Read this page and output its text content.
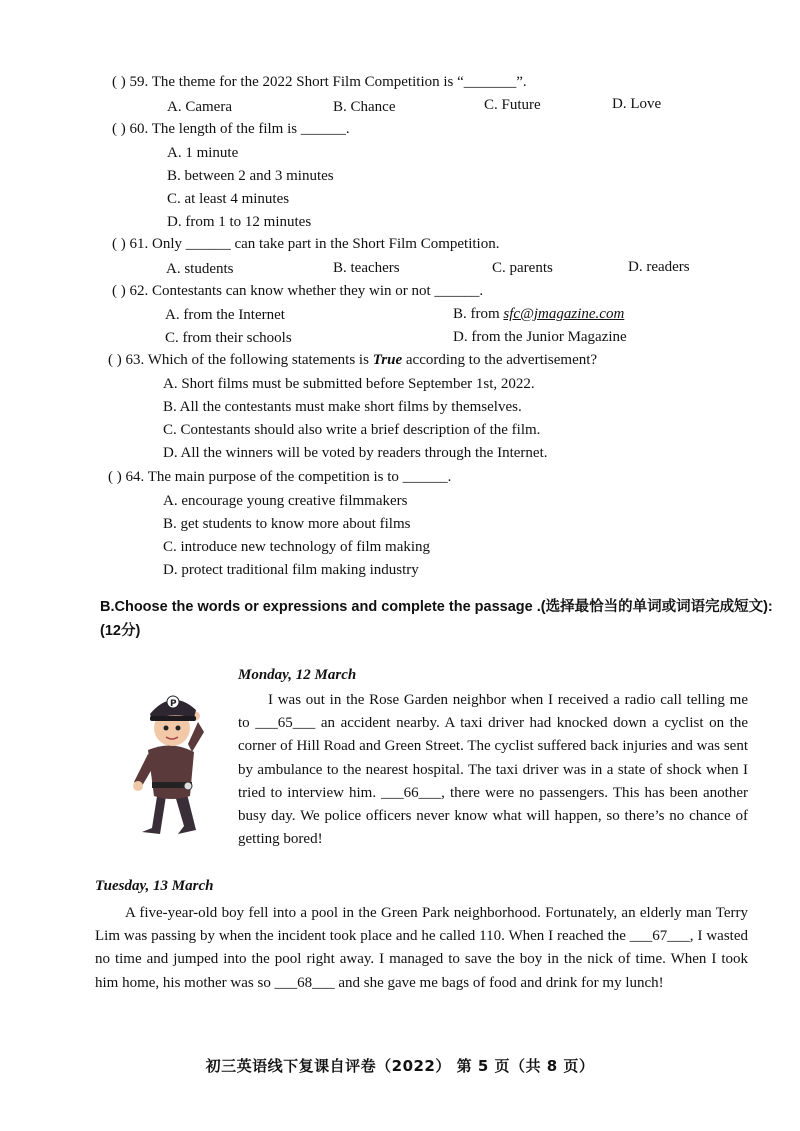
( ) 59. The theme for the 2022 Short Film Competition is “_______”.
A. Camera	B. Chance	C. Future	D. Love
( ) 60. The length of the film is ______.
A. 1 minute
B. between 2 and 3 minutes
C. at least 4 minutes
D. from 1 to 12 minutes
( ) 61. Only ______ can take part in the Short Film Competition.
A. students	B. teachers	C. parents	D. readers
( ) 62. Contestants can know whether they win or not ______.
A. from the Internet	B. from sfc@jmagazine.com
C. from their schools	D. from the Junior Magazine
( ) 63. Which of the following statements is True according to the advertisement?
A. Short films must be submitted before September 1st, 2022.
B. All the contestants must make short films by themselves.
C. Contestants should also write a brief description of the film.
D. All the winners will be voted by readers through the Internet.
( ) 64. The main purpose of the competition is to ______.
A. encourage young creative filmmakers
B. get students to know more about films
C. introduce new technology of film making
D. protect traditional film making industry
B.Choose the words or expressions and complete the passage .(选择最恰当的单词或词语完成短文): (12分)
P
Monday, 12 March
I was out in the Rose Garden neighbor when I received a radio call telling me to ___65___ an accident nearby. A taxi driver had knocked down a cyclist on the corner of Hill Road and Green Street. The cyclist suffered back injuries and was sent by ambulance to the nearest hospital. The taxi driver was in a state of shock when I tried to interview him. ___66___, there were no passengers. This has been another busy day. We police officers never know what will happen, so there’s no chance of getting bored!
Tuesday, 13 March
A five-year-old boy fell into a pool in the Green Park neighborhood. Fortunately, an elderly man Terry Lim was passing by when the incident took place and he called 110. When I reached the ___67___, I wasted no time and jumped into the pool right away. I managed to save the boy in the nick of time. When I took him home, his mother was so ___68___ and she gave me bags of food and drink for my lunch!
初三英语线下复课自评卷（2022） 第 5 页（共 8 页）
